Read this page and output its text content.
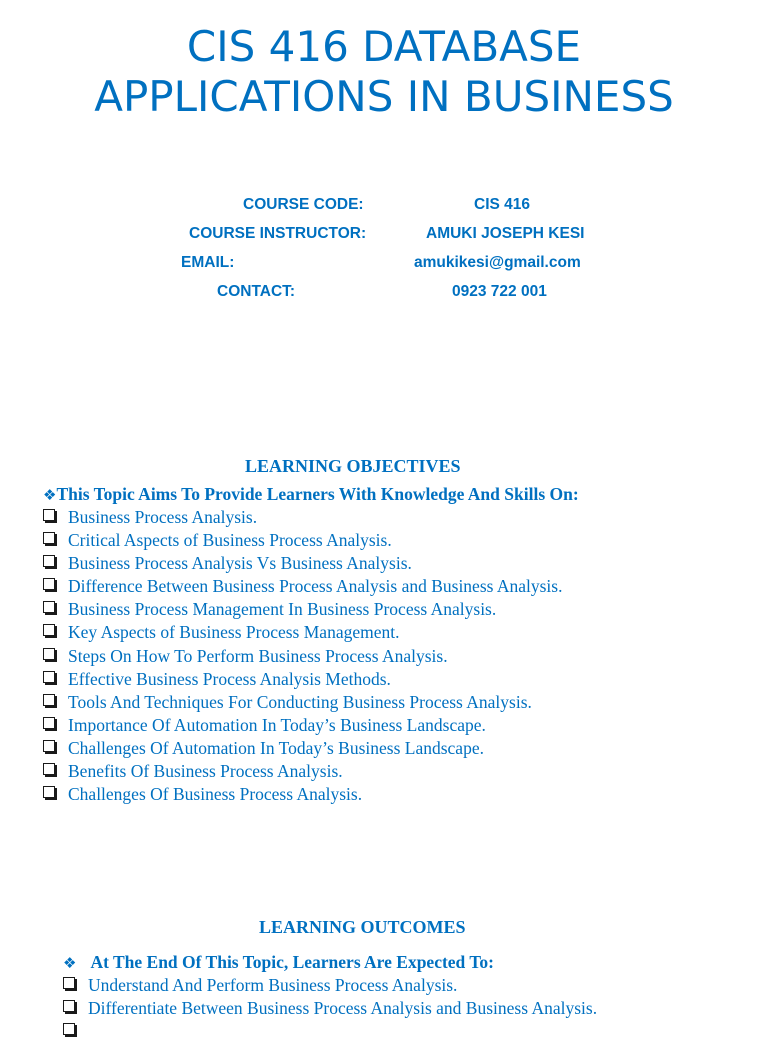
CIS 416 DATABASE
APPLICATIONS IN BUSINESS
COURSE CODE:	CIS 416
COURSE INSTRUCTOR:	AMUKI JOSEPH KESI
EMAIL:	amukikesi@gmail.com
CONTACT:	0923 722 001
LEARNING OBJECTIVES
❖ This Topic Aims To Provide Learners With Knowledge And Skills On:
Business Process Analysis.
Critical Aspects of Business Process Analysis.
Business Process Analysis Vs Business Analysis.
Difference Between Business Process Analysis and Business Analysis.
Business Process Management In Business Process Analysis.
Key Aspects of Business Process Management.
Steps On How To Perform Business Process Analysis.
Effective Business Process Analysis Methods.
Tools And Techniques For Conducting Business Process Analysis.
Importance Of Automation In Today’s Business Landscape.
Challenges Of Automation In Today’s Business Landscape.
Benefits Of Business Process Analysis.
Challenges Of Business Process Analysis.
LEARNING OUTCOMES
❖ At The End Of This Topic, Learners Are Expected To:
Understand And Perform Business Process Analysis.
Differentiate Between Business Process Analysis and Business Analysis.
